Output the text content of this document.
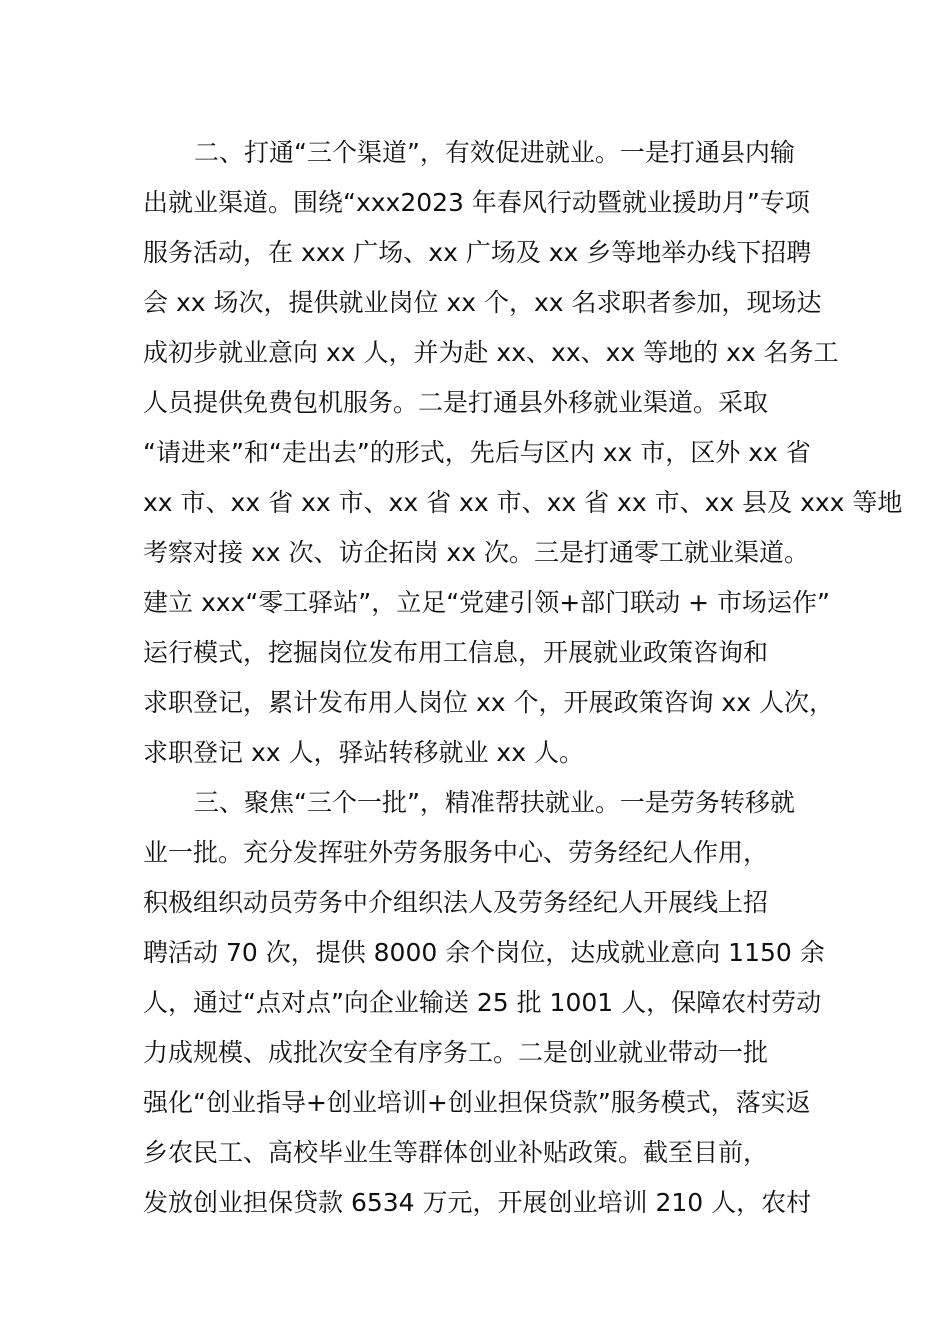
二、打通“三个渠道”，有效促进就业。一是打通县内输
出就业渠道。围绕“xxx2023 年春风行动暨就业援助月”专项
服务活动，在 xxx 广场、xx 广场及 xx 乡等地举办线下招聘
会 xx 场次，提供就业岗位 xx 个，xx 名求职者参加，现场达
成初步就业意向 xx 人，并为赴 xx、xx、xx 等地的 xx 名务工
人员提供免费包机服务。二是打通县外移就业渠道。采取
“请进来”和“走出去”的形式，先后与区内 xx 市，区外 xx 省
xx 市、xx 省 xx 市、xx 省 xx 市、xx 省 xx 市、xx 县及 xxx 等地
考察对接 xx 次、访企拓岗 xx 次。三是打通零工就业渠道。
建立 xxx“零工驿站”，立足“党建引领+部门联动 + 市场运作”
运行模式，挖掘岗位发布用工信息，开展就业政策咨询和
求职登记，累计发布用人岗位 xx 个，开展政策咨询 xx 人次，
求职登记 xx 人，驿站转移就业 xx 人。
三、聚焦“三个一批”，精准帮扶就业。一是劳务转移就
业一批。充分发挥驻外劳务服务中心、劳务经纪人作用，
积极组织动员劳务中介组织法人及劳务经纪人开展线上招
聘活动 70 次，提供 8000 余个岗位，达成就业意向 1150 余
人，通过“点对点”向企业输送 25 批 1001 人，保障农村劳动
力成规模、成批次安全有序务工。二是创业就业带动一批
强化“创业指导+创业培训+创业担保贷款”服务模式，落实返
乡农民工、高校毕业生等群体创业补贴政策。截至目前，
发放创业担保贷款 6534 万元，开展创业培训 210 人，农村
